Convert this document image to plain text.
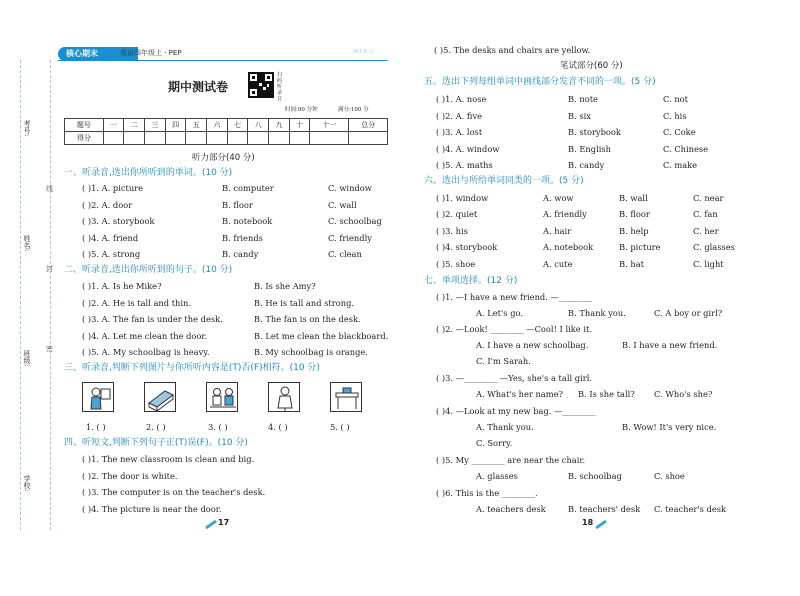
学校:
班级:
姓名:
考号:
密
封
线
核心期末	英语四年级上 · PEP	期末复习
期中测试卷
扫码听录音
时间:90 分钟	满分:100 分
题号	一	二	三	四	五	六	七	八	九	十	十一	总分
得分												
听力部分(40 分)
一、听录音,选出你所听到的单词。(10 分)
( )1. A. picture	B. computer	C. window
( )2. A. door	B. floor	C. wall
( )3. A. storybook	B. notebook	C. schoolbag
( )4. A. friend	B. friends	C. friendly
( )5. A. strong	B. candy	C. clean
二、听录音,选出你所听到的句子。(10 分)
( )1. A. Is he Mike?	B. Is she Amy?
( )2. A. He is tall and thin.	B. He is tall and strong.
( )3. A. The fan is under the desk.	B. The fan is on the desk.
( )4. A. Let me clean the door.	B. Let me clean the blackboard.
( )5. A. My schoolbag is heavy.	B. My schoolbag is orange.
三、听录音,判断下列图片与你所听内容是(T)否(F)相符。(10 分)
1. ( )	2. ( )	3. ( )	4. ( )	5. ( )
四、听短文,判断下列句子正(T)误(F)。(10 分)
( )1. The new classroom is clean and big.
( )2. The door is white.
( )3. The computer is on the teacher's desk.
( )4. The picture is near the door.
17
( )5. The desks and chairs are yellow.
笔试部分(60 分)
五、选出下列每组单词中画线部分发音不同的一项。(5 分)
( )1. A. nose	B. note	C. not
( )2. A. five	B. six	C. his
( )3. A. lost	B. storybook	C. Coke
( )4. A. window	B. English	C. Chinese
( )5. A. maths	B. candy	C. make
六、选出与所给单词同类的一项。(5 分)
( )1. window	A. wow	B. wall	C. near
( )2. quiet	A. friendly	B. floor	C. fan
( )3. his	A. hair	B. help	C. her
( )4. storybook	A. notebook	B. picture	C. glasses
( )5. shoe	A. cute	B. hat	C. light
七、单项选择。(12 分)
( )1. —I have a new friend. —________
A. Let's go.	B. Thank you.	C. A boy or girl?
( )2. —Look! ________ —Cool! I like it.
A. I have a new schoolbag.	B. I have a new friend.
C. I'm Sarah.
( )3. —________ —Yes, she's a tall girl.
A. What's her name? B. Is she tall? C. Who's she?
( )4. —Look at my new bag. —________
A. Thank you.	B. Wow! It's very nice.
C. Sorry.
( )5. My ________ are near the chair.
A. glasses	B. schoolbag	C. shoe
( )6. This is the ________.
A. teachers desk	B. teachers' desk C. teacher's desk
18
